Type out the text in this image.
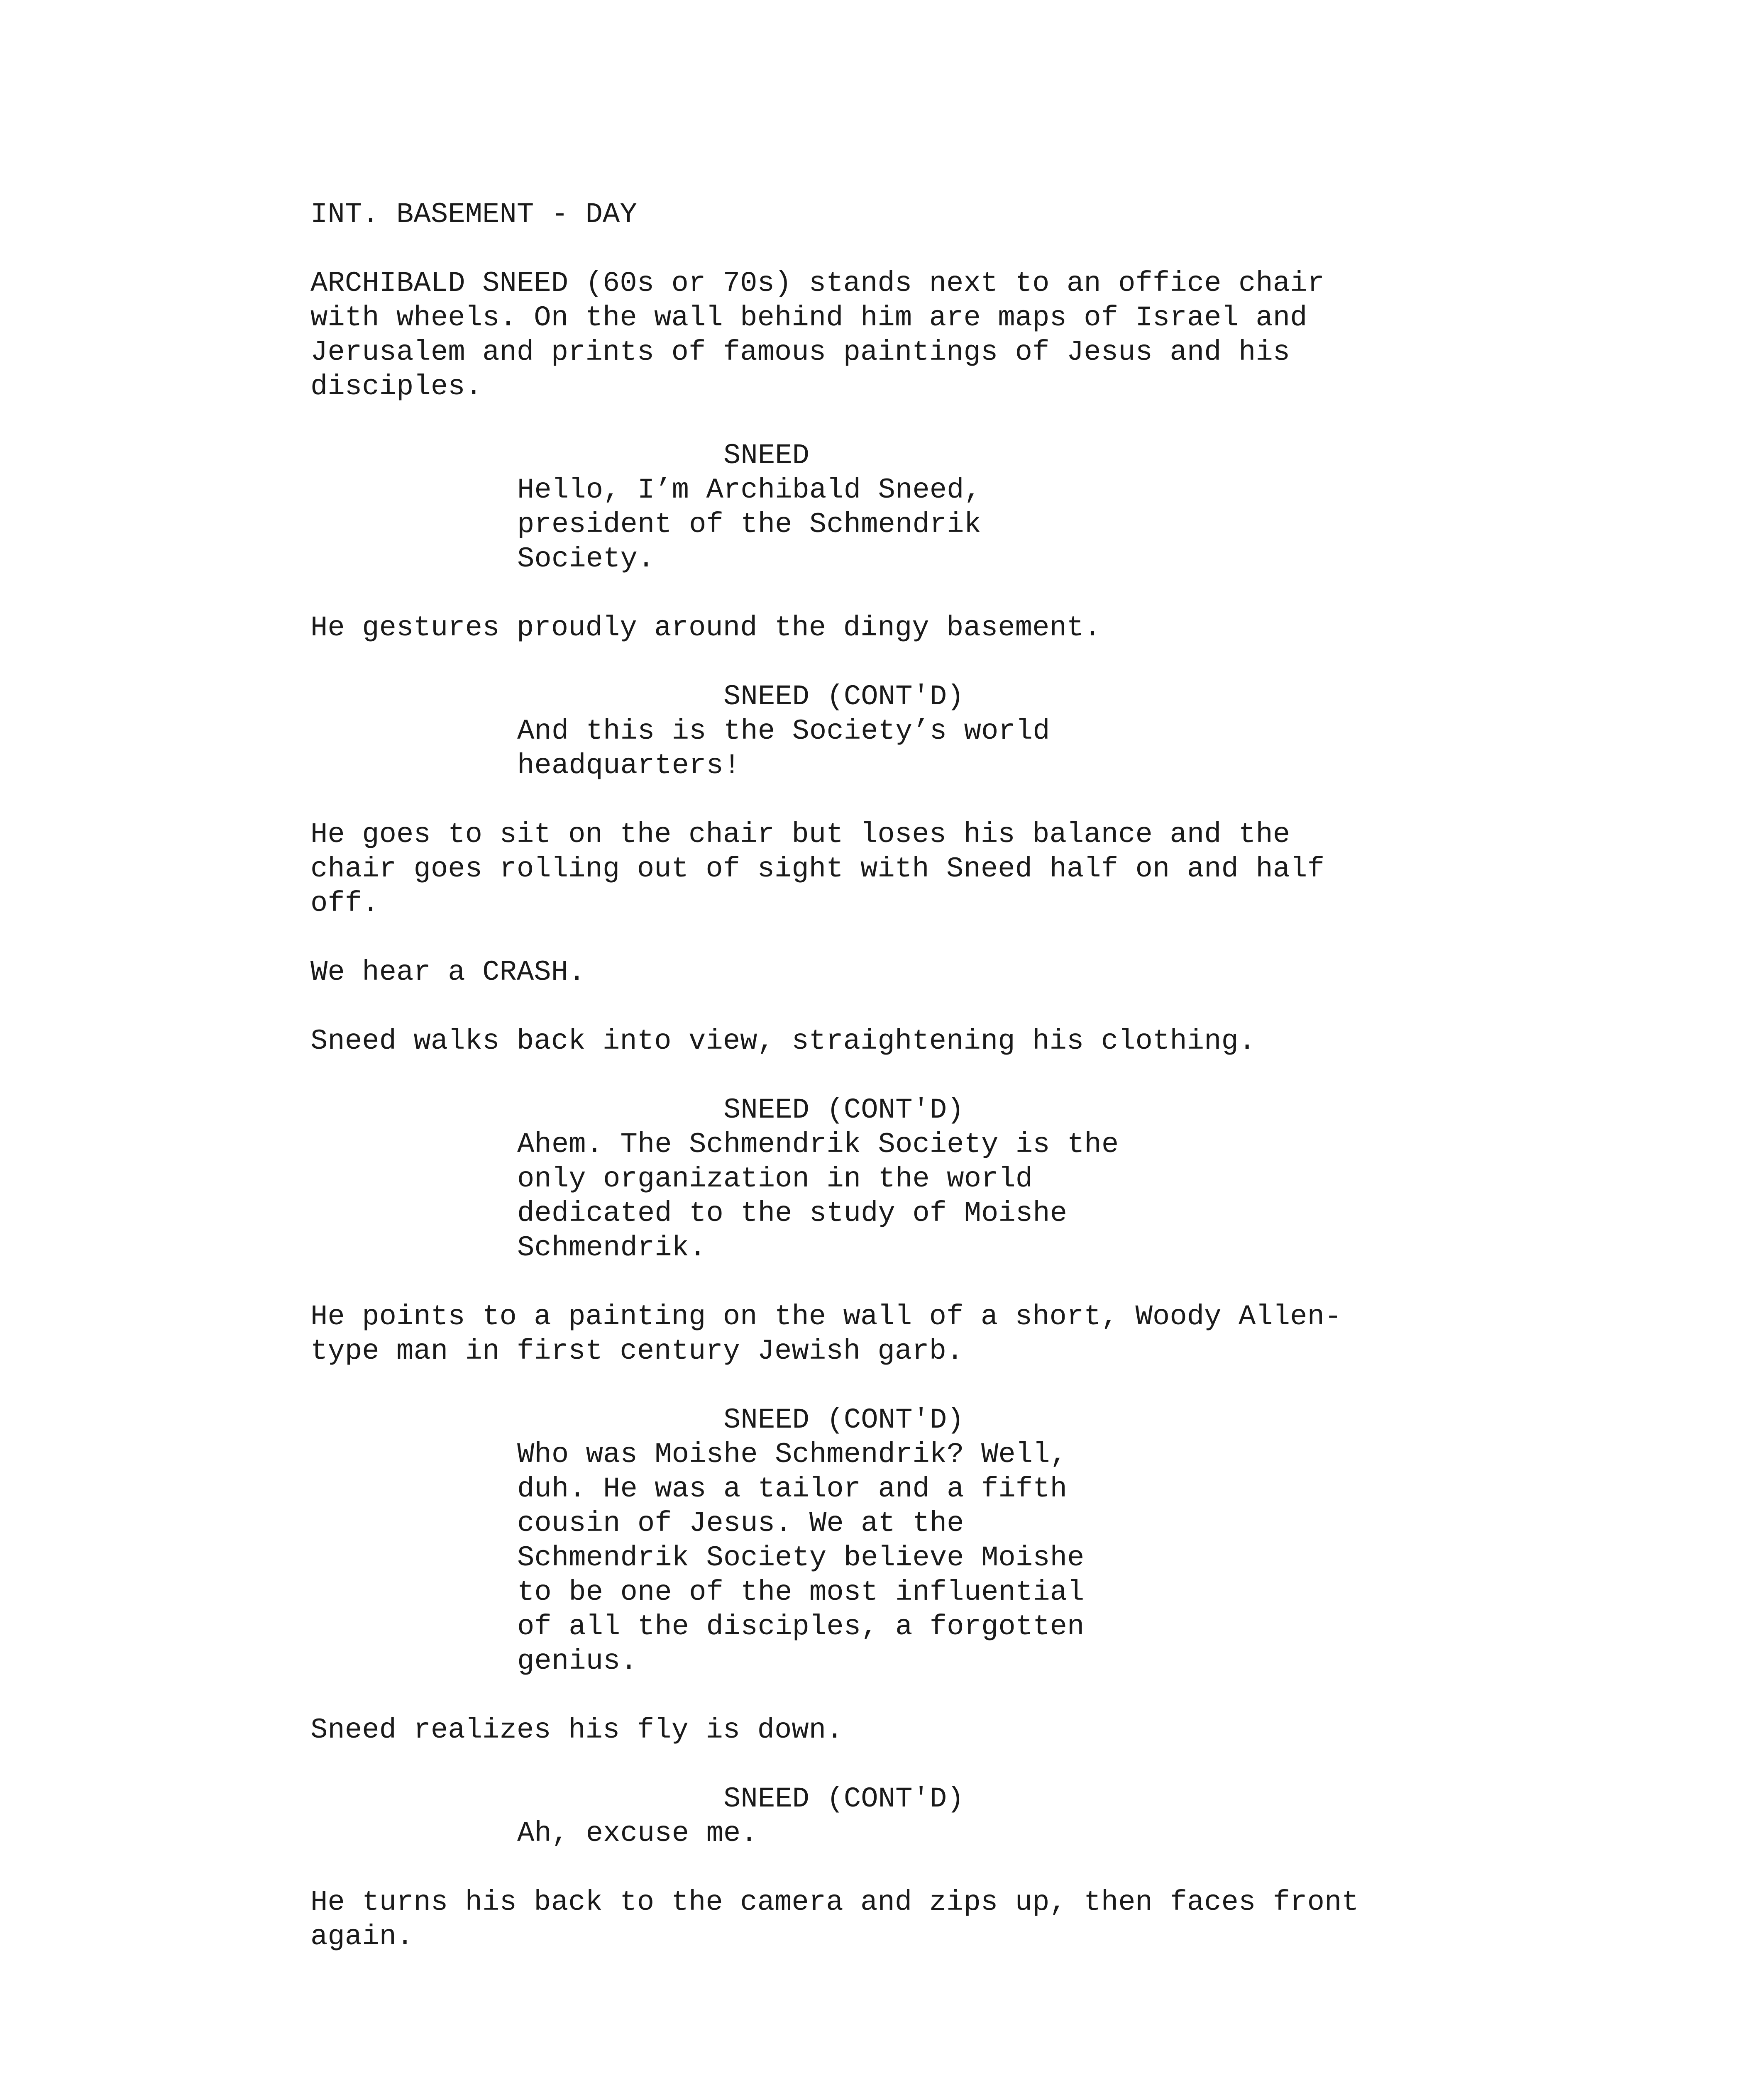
INT. BASEMENT - DAY

ARCHIBALD SNEED (60s or 70s) stands next to an office chair
with wheels. On the wall behind him are maps of Israel and
Jerusalem and prints of famous paintings of Jesus and his
disciples.

SNEED

Hello, I’m Archibald Sneed,
president of the Schmendrik
Society.

He gestures proudly around the dingy basement.

SNEED (CONT'D)

And this is the Society’s world
headquarters!

He goes to sit on the chair but loses his balance and the
chair goes rolling out of sight with Sneed half on and half
off.

We hear a CRASH.

Sneed walks back into view, straightening his clothing.

SNEED (CONT'D)

Ahem. The Schmendrik Society is the
only organization in the world
dedicated to the study of Moishe
Schmendrik.

He points to a painting on the wall of a short, Woody Allen-
type man in first century Jewish garb.

SNEED (CONT'D)

Who was Moishe Schmendrik? Well,
duh. He was a tailor and a fifth
cousin of Jesus. We at the
Schmendrik Society believe Moishe
to be one of the most influential
of all the disciples, a forgotten
genius.

Sneed realizes his fly is down.

SNEED (CONT'D)

Ah, excuse me.

He turns his back to the camera and zips up, then faces front
again.
